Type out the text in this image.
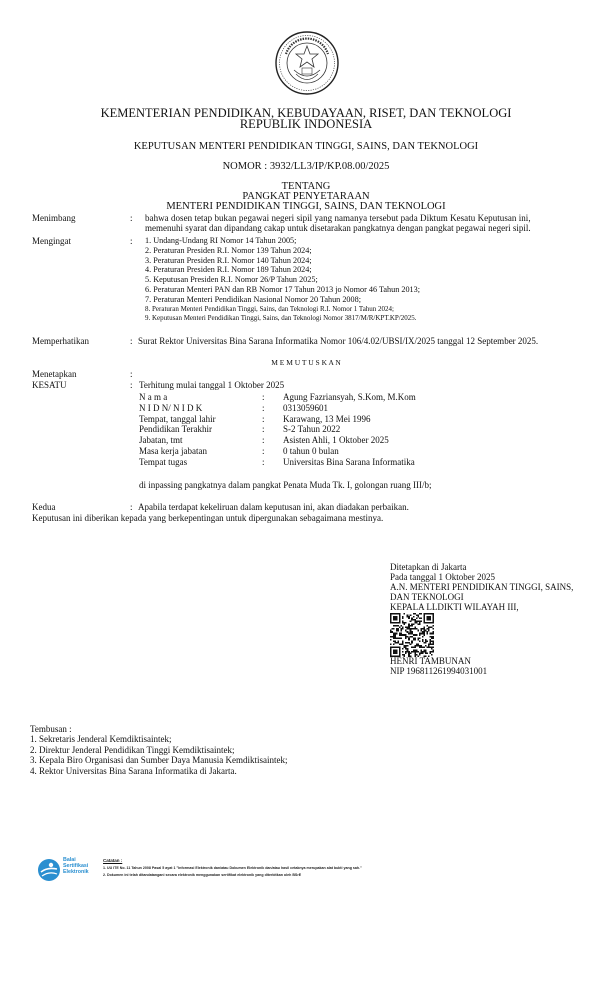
KEMENTERIAN PENDIDIKAN, KEBUDAYAAN, RISET, DAN TEKNOLOGI
REPUBLIK INDONESIA
KEPUTUSAN MENTERI PENDIDIKAN TINGGI, SAINS, DAN TEKNOLOGI
NOMOR : 3932/LL3/IP/KP.08.00/2025
TENTANG
PANGKAT PENYETARAAN
MENTERI PENDIDIKAN TINGGI, SAINS, DAN TEKNOLOGI
Menimbang	: bahwa dosen tetap bukan pegawai negeri sipil yang namanya tersebut pada Diktum Kesatu Keputusan ini,
memenuhi syarat dan dipandang cakap untuk disetarakan pangkatnya dengan pangkat pegawai negeri sipil.
Mengingat	: 1. Undang-Undang RI Nomor 14 Tahun 2005;
2. Peraturan Presiden R.I. Nomor 139 Tahun 2024;
3. Peraturan Presiden R.I. Nomor 140 Tahun 2024;
4. Peraturan Presiden R.I. Nomor 189 Tahun 2024;
5. Keputusan Presiden R.I. Nomor 26/P Tahun 2025;
6. Peraturan Menteri PAN dan RB Nomor 17 Tahun 2013 jo Nomor 46 Tahun 2013;
7. Peraturan Menteri Pendidikan Nasional Nomor 20 Tahun 2008;
8. Peraturan Menteri Pendidikan Tinggi, Sains, dan Teknologi R.I. Nomor 1 Tahun 2024;
9. Keputusan Menteri Pendidikan Tinggi, Sains, dan Teknologi Nomor 3817/M/R/KPT.KP/2025.
Memperhatikan	: Surat Rektor Universitas Bina Sarana Informatika Nomor 106/4.02/UBSI/IX/2025 tanggal 12 September 2025.
M E M U T U S K A N
Menetapkan	:
KESATU	: Terhitung mulai tanggal 1 Oktober 2025
N a m a	: Agung Fazriansyah, S.Kom, M.Kom
N I D N/ N I D K	: 0313059601
Tempat, tanggal lahir	: Karawang, 13 Mei 1996
Pendidikan Terakhir	: S-2 Tahun 2022
Jabatan, tmt	: Asisten Ahli, 1 Oktober 2025
Masa kerja jabatan	: 0 tahun 0 bulan
Tempat tugas	: Universitas Bina Sarana Informatika
di inpassing pangkatnya dalam pangkat Penata Muda Tk. I, golongan ruang III/b;
Kedua	: Apabila terdapat kekeliruan dalam keputusan ini, akan diadakan perbaikan.
Keputusan ini diberikan kepada yang berkepentingan untuk dipergunakan sebagaimana mestinya.
Ditetapkan di Jakarta
Pada tanggal 1 Oktober 2025
A.N. MENTERI PENDIDIKAN TINGGI, SAINS,
DAN TEKNOLOGI
KEPALA LLDIKTI WILAYAH III,
HENRI TAMBUNAN
NIP 196811261994031001
Tembusan :
1. Sekretaris Jenderal Kemdiktisaintek;
2. Direktur Jenderal Pendidikan Tinggi Kemdiktisaintek;
3. Kepala Biro Organisasi dan Sumber Daya Manusia Kemdiktisaintek;
4. Rektor Universitas Bina Sarana Informatika di Jakarta.
Balai
Sertifikasi
Elektronik
Catatan :
1. UU ITE No. 11 Tahun 2008 Pasal 5 ayat 1 "Informasi Elektronik dan/atau Dokumen Elektronik dan/atau hasil cetaknya merupakan alat bukti yang sah."
2. Dokumen ini telah ditandatangani secara elektronik menggunakan sertifikat elektronik yang diterbitkan oleh BSrE
